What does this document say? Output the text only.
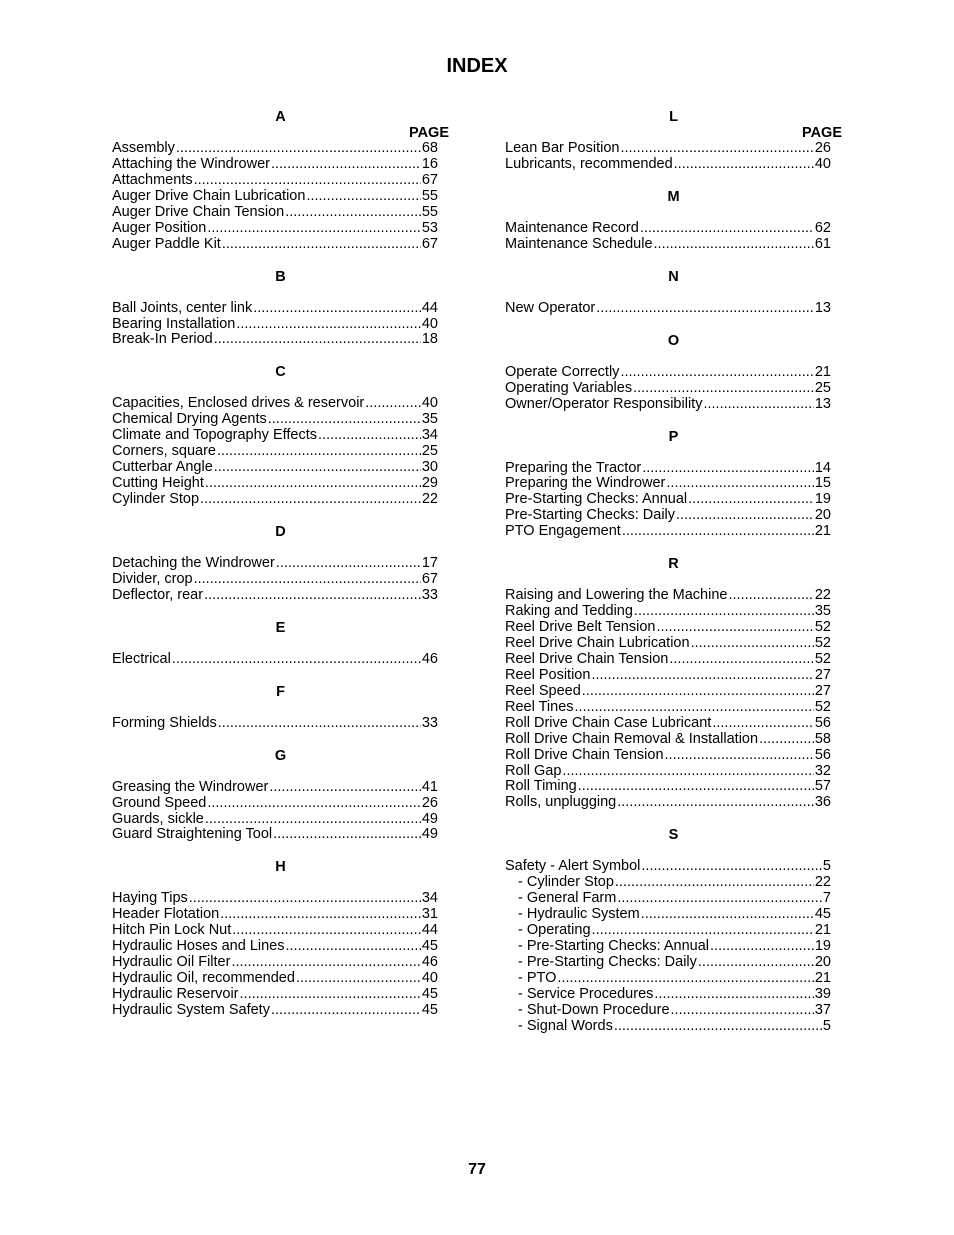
INDEX
A
PAGE
Assembly .....	68
Attaching the Windrower .....	16
Attachments .....	67
Auger Drive Chain Lubrication .....	55
Auger Drive Chain Tension .....	55
Auger Position .....	53
Auger Paddle Kit .....	67
B
Ball Joints, center link .....	44
Bearing Installation .....	40
Break-In Period .....	18
C
Capacities, Enclosed drives & reservoir .....	40
Chemical Drying Agents .....	35
Climate and Topography Effects .....	34
Corners, square .....	25
Cutterbar Angle .....	30
Cutting Height .....	29
Cylinder Stop .....	22
D
Detaching the Windrower .....	17
Divider, crop .....	67
Deflector, rear .....	33
E
Electrical .....	46
F
Forming Shields .....	33
G
Greasing the Windrower .....	41
Ground Speed .....	26
Guards, sickle .....	49
Guard Straightening Tool .....	49
H
Haying Tips .....	34
Header Flotation .....	31
Hitch Pin Lock Nut .....	44
Hydraulic Hoses and Lines .....	45
Hydraulic Oil Filter .....	46
Hydraulic Oil, recommended .....	40
Hydraulic Reservoir .....	45
Hydraulic System Safety .....	45
L
PAGE
Lean Bar Position .....	26
Lubricants, recommended .....	40
M
Maintenance Record .....	62
Maintenance Schedule .....	61
N
New Operator .....	13
O
Operate Correctly .....	21
Operating Variables .....	25
Owner/Operator Responsibility .....	13
P
Preparing the Tractor .....	14
Preparing the Windrower .....	15
Pre-Starting Checks: Annual .....	19
Pre-Starting Checks: Daily .....	20
PTO Engagement .....	21
R
Raising and Lowering the Machine .....	22
Raking and Tedding .....	35
Reel Drive Belt Tension .....	52
Reel Drive Chain Lubrication .....	52
Reel Drive Chain Tension .....	52
Reel Position .....	27
Reel Speed .....	27
Reel Tines .....	52
Roll Drive Chain Case Lubricant .....	56
Roll Drive Chain Removal & Installation .....	58
Roll Drive Chain Tension .....	56
Roll Gap .....	32
Roll Timing .....	57
Rolls, unplugging .....	36
S
Safety - Alert Symbol .....	5
- Cylinder Stop .....	22
- General Farm .....	7
- Hydraulic System .....	45
- Operating .....	21
- Pre-Starting Checks: Annual .....	19
- Pre-Starting Checks: Daily .....	20
- PTO .....	21
- Service Procedures .....	39
- Shut-Down Procedure .....	37
- Signal Words .....	5
77
